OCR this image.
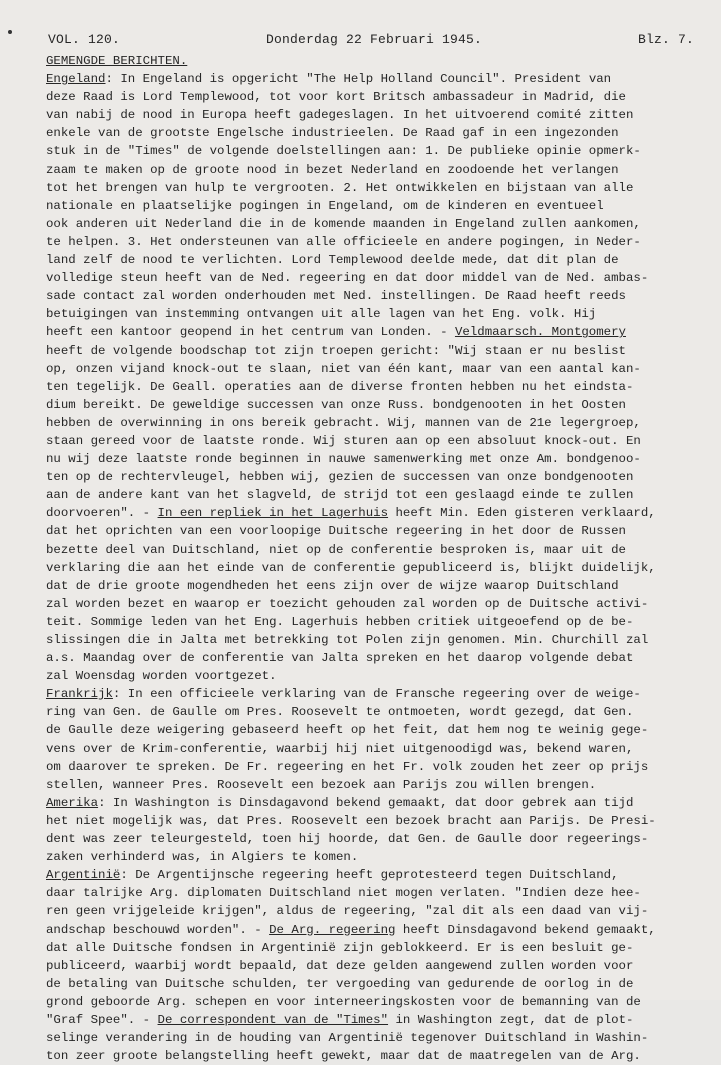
VOL. 120.	Donderdag 22 Februari 1945.	Blz. 7.
GEMENGDE BERICHTEN.
Engeland: In Engeland is opgericht "The Help Holland Council". President van
deze Raad is Lord Templewood, tot voor kort Britsch ambassadeur in Madrid, die
van nabij de nood in Europa heeft gadegeslagen. In het uitvoerend comité zitten
enkele van de grootste Engelsche industrieelen. De Raad gaf in een ingezonden
stuk in de "Times" de volgende doelstellingen aan: 1. De publieke opinie opmerk-
zaam te maken op de groote nood in bezet Nederland en zoodoende het verlangen
tot het brengen van hulp te vergrooten. 2. Het ontwikkelen en bijstaan van alle
nationale en plaatselijke pogingen in Engeland, om de kinderen en eventueel
ook anderen uit Nederland die in de komende maanden in Engeland zullen aankomen,
te helpen. 3. Het ondersteunen van alle officieele en andere pogingen, in Neder-
land zelf de nood te verlichten. Lord Templewood deelde mede, dat dit plan de
volledige steun heeft van de Ned. regeering en dat door middel van de Ned. ambas-
sade contact zal worden onderhouden met Ned. instellingen. De Raad heeft reeds
betuigingen van instemming ontvangen uit alle lagen van het Eng. volk. Hij
heeft een kantoor geopend in het centrum van Londen. - Veldmaarsch. Montgomery
heeft de volgende boodschap tot zijn troepen gericht: "Wij staan er nu beslist
op, onzen vijand knock-out te slaan, niet van één kant, maar van een aantal kan-
ten tegelijk. De Geall. operaties aan de diverse fronten hebben nu het eindsta-
dium bereikt. De geweldige successen van onze Russ. bondgenooten in het Oosten
hebben de overwinning in ons bereik gebracht. Wij, mannen van de 21e legergroep,
staan gereed voor de laatste ronde. Wij sturen aan op een absoluut knock-out. En
nu wij deze laatste ronde beginnen in nauwe samenwerking met onze Am. bondgenoo-
ten op de rechtervleugel, hebben wij, gezien de successen van onze bondgenooten
aan de andere kant van het slagveld, de strijd tot een geslaagd einde te zullen
doorvoeren". - In een repliek in het Lagerhuis heeft Min. Eden gisteren verklaard,
dat het oprichten van een voorloopige Duitsche regeering in het door de Russen
bezette deel van Duitschland, niet op de conferentie besproken is, maar uit de
verklaring die aan het einde van de conferentie gepubliceerd is, blijkt duidelijk,
dat de drie groote mogendheden het eens zijn over de wijze waarop Duitschland
zal worden bezet en waarop er toezicht gehouden zal worden op de Duitsche activi-
teit. Sommige leden van het Eng. Lagerhuis hebben critiek uitgeoefend op de be-
slissingen die in Jalta met betrekking tot Polen zijn genomen. Min. Churchill zal
a.s. Maandag over de conferentie van Jalta spreken en het daarop volgende debat
zal Woensdag worden voortgezet.
Frankrijk: In een officieele verklaring van de Fransche regeering over de weige-
ring van Gen. de Gaulle om Pres. Roosevelt te ontmoeten, wordt gezegd, dat Gen.
de Gaulle deze weigering gebaseerd heeft op het feit, dat hem nog te weinig gege-
vens over de Krim-conferentie, waarbij hij niet uitgenoodigd was, bekend waren,
om daarover te spreken. De Fr. regeering en het Fr. volk zouden het zeer op prijs
stellen, wanneer Pres. Roosevelt een bezoek aan Parijs zou willen brengen.
Amerika: In Washington is Dinsdagavond bekend gemaakt, dat door gebrek aan tijd
het niet mogelijk was, dat Pres. Roosevelt een bezoek bracht aan Parijs. De Presi-
dent was zeer teleurgesteld, toen hij hoorde, dat Gen. de Gaulle door regeerings-
zaken verhinderd was, in Algiers te komen.
Argentinië: De Argentijnsche regeering heeft geprotesteerd tegen Duitschland,
daar talrijke Arg. diplomaten Duitschland niet mogen verlaten. "Indien deze hee-
ren geen vrijgeleide krijgen", aldus de regeering, "zal dit als een daad van vij-
andschap beschouwd worden". - De Arg. regeering heeft Dinsdagavond bekend gemaakt,
dat alle Duitsche fondsen in Argentinië zijn geblokkeerd. Er is een besluit ge-
publiceerd, waarbij wordt bepaald, dat deze gelden aangewend zullen worden voor
de betaling van Duitsche schulden, ter vergoeding van gedurende de oorlog in de
grond geboorde Arg. schepen en voor interneeringskosten voor de bemanning van de
"Graf Spee". - De correspondent van de "Times" in Washington zegt, dat de plot-
selinge verandering in de houding van Argentinië tegenover Duitschland in Washin-
ton zeer groote belangstelling heeft gewekt, maar dat de maatregelen van de Arg.
